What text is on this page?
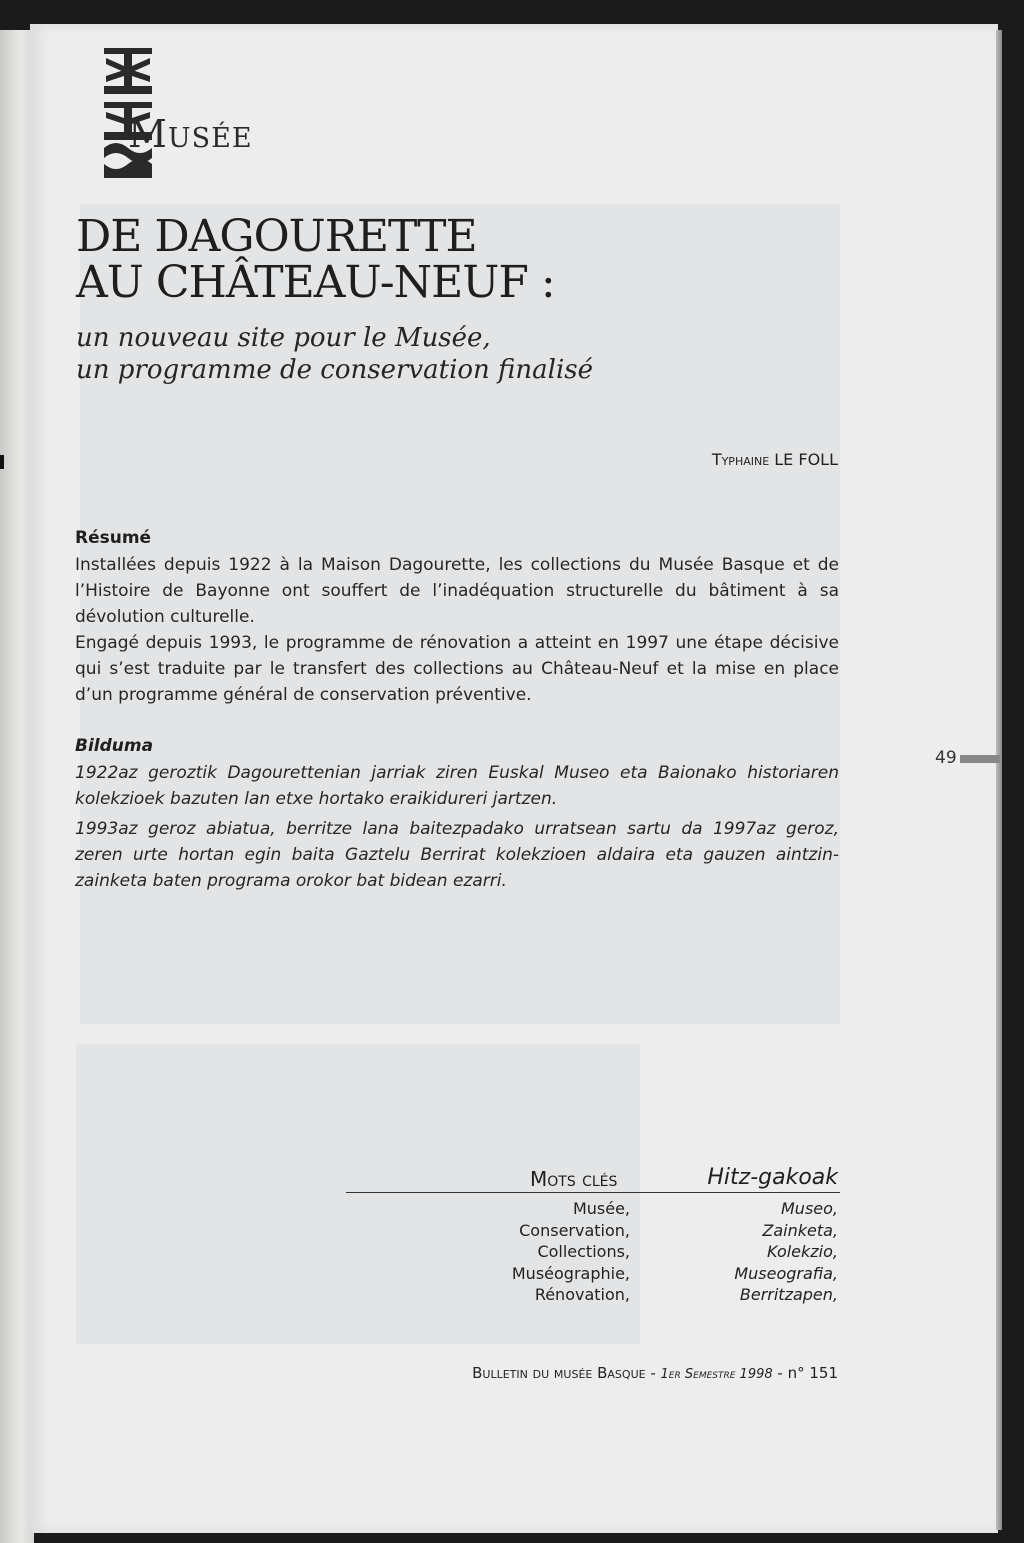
Musée
DE DAGOURETTE
AU CHÂTEAU-NEUF :
un nouveau site pour le Musée,
un programme de conservation finalisé
Typhaine LE FOLL
Résumé

Installées depuis 1922 à la Maison Dagourette, les collections du Musée Basque et de l’Histoire de Bayonne ont souffert de l’inadéquation structurelle du bâtiment à sa dévolution culturelle.

Engagé depuis 1993, le programme de rénovation a atteint en 1997 une étape décisive qui s’est traduite par le transfert des collections au Château-Neuf et la mise en place d’un programme général de conservation préventive.

Bilduma

1922az geroztik Dagourettenian jarriak ziren Euskal Museo eta Baionako historiaren kolekzioek bazuten lan etxe hortako eraikidureri jartzen.

1993az geroz abiatua, berritze lana baitezpadako urratsean sartu da 1997az geroz, zeren urte hortan egin baita Gaztelu Berrirat kolekzioen aldaira eta gauzen aintzin-zainketa baten programa orokor bat bidean ezarri.

49
Mots clés	Hitz-gakoak
Musée,
Conservation,
Collections,
Muséographie,
Rénovation,
Museo,
Zainketa,
Kolekzio,
Museografia,
Berritzapen,
Bulletin du musée Basque - 1er Semestre 1998 - n° 151
